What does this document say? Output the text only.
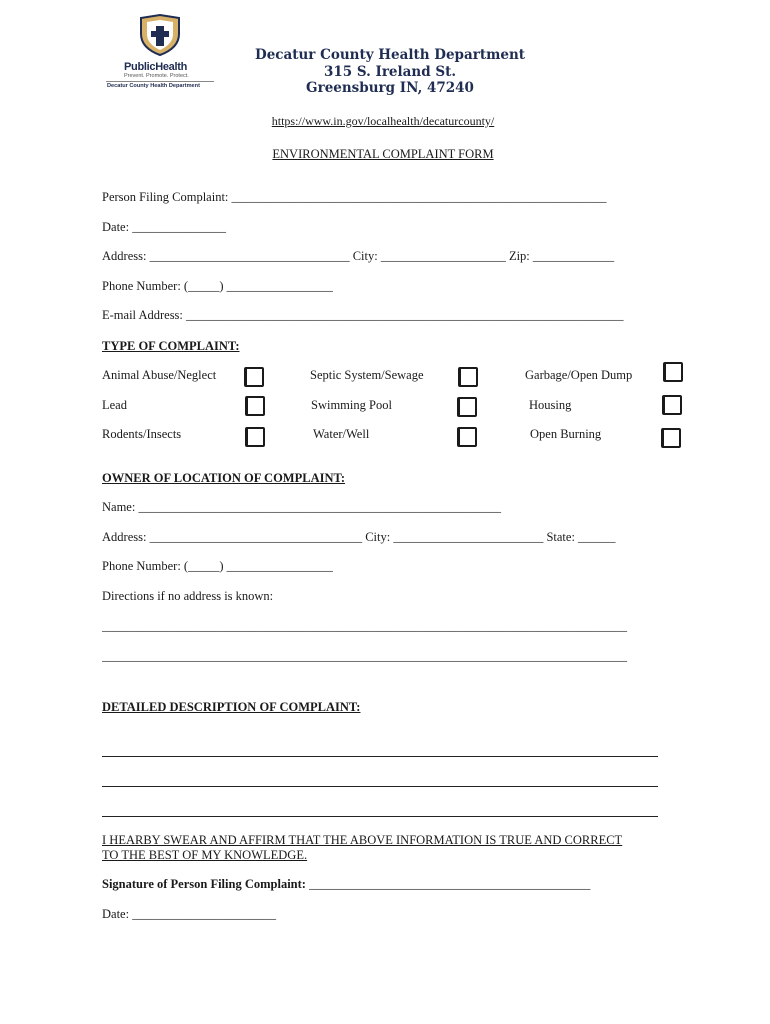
PublicHealth
Prevent. Promote. Protect.
Decatur County Health Department
Decatur County Health Department
315 S. Ireland St.
Greensburg IN, 47240
https://www.in.gov/localhealth/decaturcounty/
ENVIRONMENTAL COMPLAINT FORM
Person Filing Complaint: ____________________________________________________________
Date: _______________
Address: ________________________________ City: ____________________ Zip: _____________
Phone Number: (_____) _________________
E-mail Address: ______________________________________________________________________
TYPE OF COMPLAINT:
Animal Abuse/Neglect	Septic System/Sewage	Garbage/Open Dump
Lead	Swimming Pool	Housing
Rodents/Insects	Water/Well	Open Burning
OWNER OF LOCATION OF COMPLAINT:
Name: __________________________________________________________
Address: __________________________________ City: ________________________ State: ______
Phone Number: (_____) _________________
Directions if no address is known:
____________________________________________________________________________________
____________________________________________________________________________________
DETAILED DESCRIPTION OF COMPLAINT:
I HEARBY SWEAR AND AFFIRM THAT THE ABOVE INFORMATION IS TRUE AND CORRECT
TO THE BEST OF MY KNOWLEDGE.
Signature of Person Filing Complaint: _____________________________________________
Date: _______________________
